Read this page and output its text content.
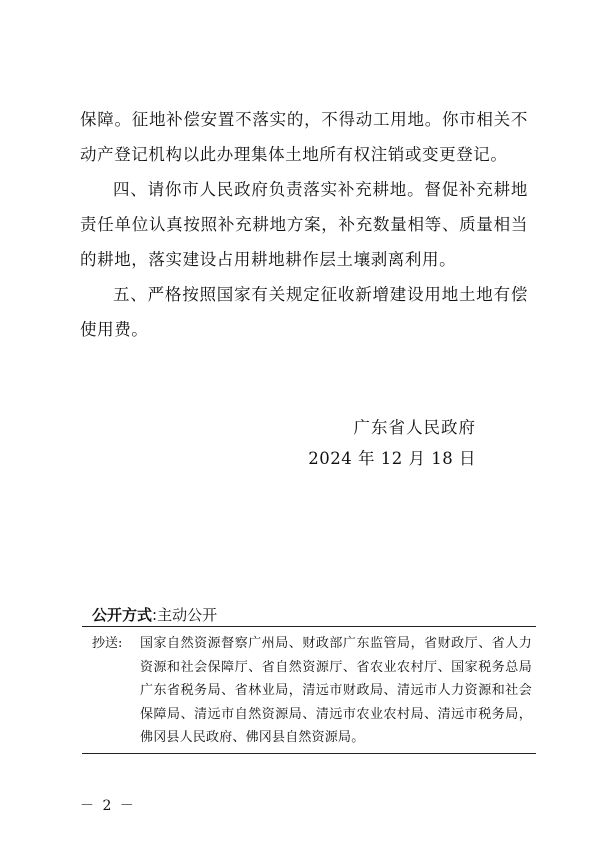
保障。征地补偿安置不落实的，不得动工用地。你市相关不动产登记机构以此办理集体土地所有权注销或变更登记。

四、请你市人民政府负责落实补充耕地。督促补充耕地责任单位认真按照补充耕地方案，补充数量相等、质量相当的耕地，落实建设占用耕地耕作层土壤剥离利用。

五、严格按照国家有关规定征收新增建设用地土地有偿使用费。

广东省人民政府
2024 年 12 月 18 日
公开方式:主动公开
抄送:	国家自然资源督察广州局、财政部广东监管局，省财政厅、省人力资源和社会保障厅、省自然资源厅、省农业农村厅、国家税务总局广东省税务局、省林业局，清远市财政局、清远市人力资源和社会保障局、清远市自然资源局、清远市农业农村局、清远市税务局，佛冈县人民政府、佛冈县自然资源局。
－ 2 －
